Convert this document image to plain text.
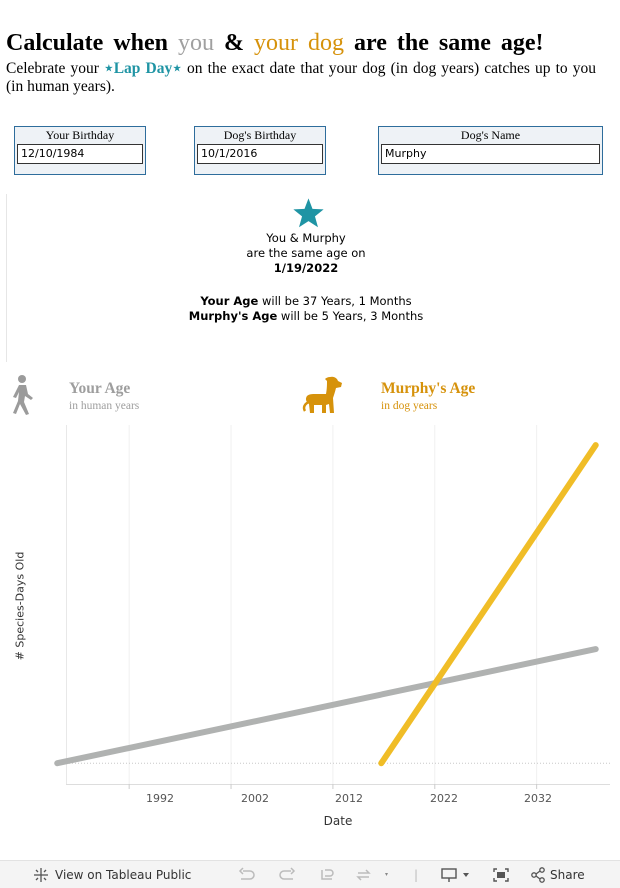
Calculate when you & your dog are the same age!
Celebrate your ⋆Lap Day⋆ on the exact date that your dog (in dog years) catches up to you (in human years).
Your Birthday
12/10/1984
Dog's Birthday
10/1/2016
Dog's Name
Murphy
You & Murphy
are the same age on
1/19/2022
Your Age will be 37 Years, 1 Months
Murphy's Age will be 5 Years, 3 Months
Your Age
in human years
Murphy's Age
in dog years
# Species-Days Old
1992	2002	2012	2022	2032
Date
View on Tableau Public	|	Share
